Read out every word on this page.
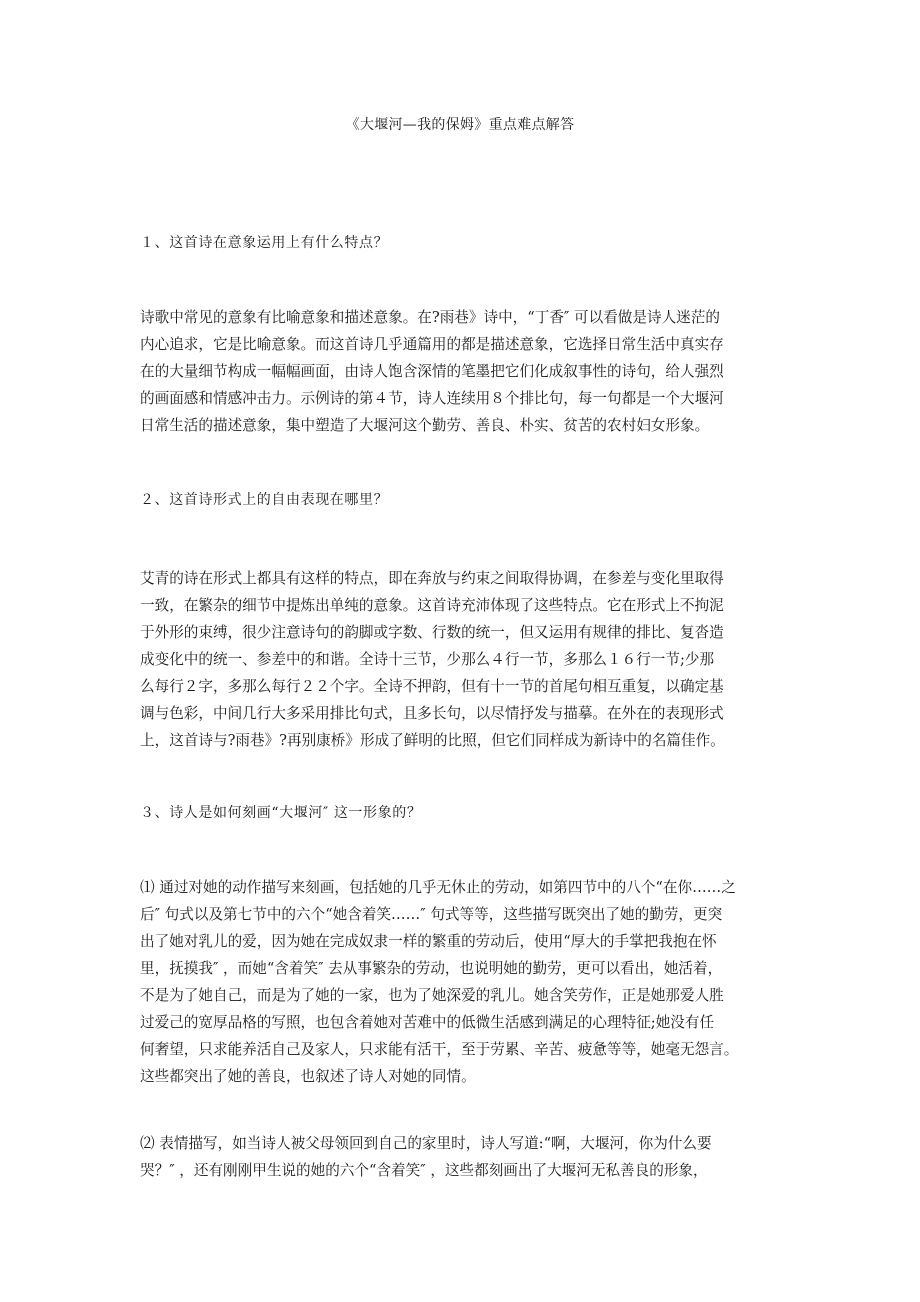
《大堰河—我的保姆》重点难点解答
１、这首诗在意象运用上有什么特点？

诗歌中常见的意象有比喻意象和描述意象。在?雨巷》诗中，“丁香″ 可以看做是诗人迷茫的
内心追求，它是比喻意象。而这首诗几乎通篇用的都是描述意象，它选择日常生活中真实存
在的大量细节构成一幅幅画面，由诗人饱含深情的笔墨把它们化成叙事性的诗句，给人强烈
的画面感和情感冲击力。示例诗的第４节，诗人连续用８个排比句，每一句都是一个大堰河
日常生活的描述意象，集中塑造了大堰河这个勤劳、善良、朴实、贫苦的农村妇女形象。

２、这首诗形式上的自由表现在哪里？

艾青的诗在形式上都具有这样的特点，即在奔放与约束之间取得协调，在参差与变化里取得
一致，在繁杂的细节中提炼出单纯的意象。这首诗充沛体现了这些特点。它在形式上不拘泥
于外形的束缚，很少注意诗句的韵脚或字数、行数的统一，但又运用有规律的排比、复沓造
成变化中的统一、参差中的和谐。全诗十三节，少那么４行一节，多那么１６行一节;少那
么每行２字，多那么每行２２个字。全诗不押韵，但有十一节的首尾句相互重复，以确定基
调与色彩，中间几行大多采用排比句式，且多长句，以尽情抒发与描摹。在外在的表现形式
上，这首诗与?雨巷》?再别康桥》形成了鲜明的比照，但它们同样成为新诗中的名篇佳作。

３、诗人是如何刻画“大堰河″ 这一形象的？

⑴ 通过对她的动作描写来刻画，包括她的几乎无休止的劳动，如第四节中的八个“在你……之
后″ 句式以及第七节中的六个“她含着笑……″ 句式等等，这些描写既突出了她的勤劳，更突
出了她对乳儿的爱，因为她在完成奴隶一样的繁重的劳动后，使用“厚大的手掌把我抱在怀
里，抚摸我″ ，而她“含着笑″ 去从事繁杂的劳动，也说明她的勤劳，更可以看出，她活着，
不是为了她自己，而是为了她的一家，也为了她深爱的乳儿。她含笑劳作，正是她那爱人胜
过爱己的宽厚品格的写照，也包含着她对苦难中的低微生活感到满足的心理特征;她没有任
何奢望，只求能养活自己及家人，只求能有活干，至于劳累、辛苦、疲惫等等，她毫无怨言。
这些都突出了她的善良，也叙述了诗人对她的同情。

⑵ 表情描写，如当诗人被父母领回到自己的家里时，诗人写道:“啊，大堰河，你为什么要
哭？″ ，还有刚刚甲生说的她的六个“含着笑″ ，这些都刻画出了大堰河无私善良的形象，
